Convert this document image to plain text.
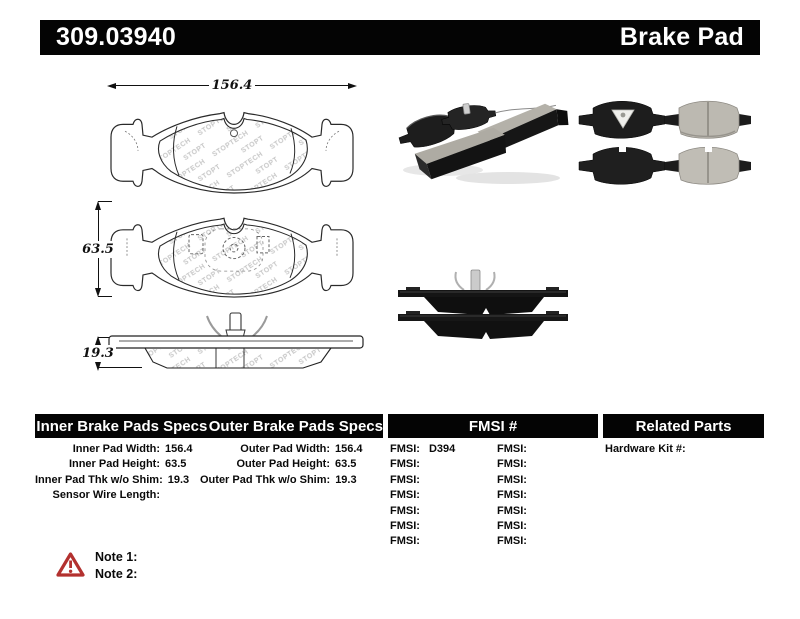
309.03940	Brake Pad
156.4
63.5
19.3
Inner Brake Pads Specs Outer Brake Pads Specs	FMSI #	Related Parts
Inner Pad Width: 156.4
Inner Pad Height: 63.5
Inner Pad Thk w/o Shim: 19.3
Sensor Wire Length:
Outer Pad Width: 156.4
Outer Pad Height: 63.5
Outer Pad Thk w/o Shim: 19.3
FMSI: D394
FMSI:
FMSI:
FMSI:
FMSI:
FMSI:
FMSI:
FMSI:
FMSI:
FMSI:
FMSI:
FMSI:
FMSI:
FMSI:
Hardware Kit #:
Note 1:
Note 2:
